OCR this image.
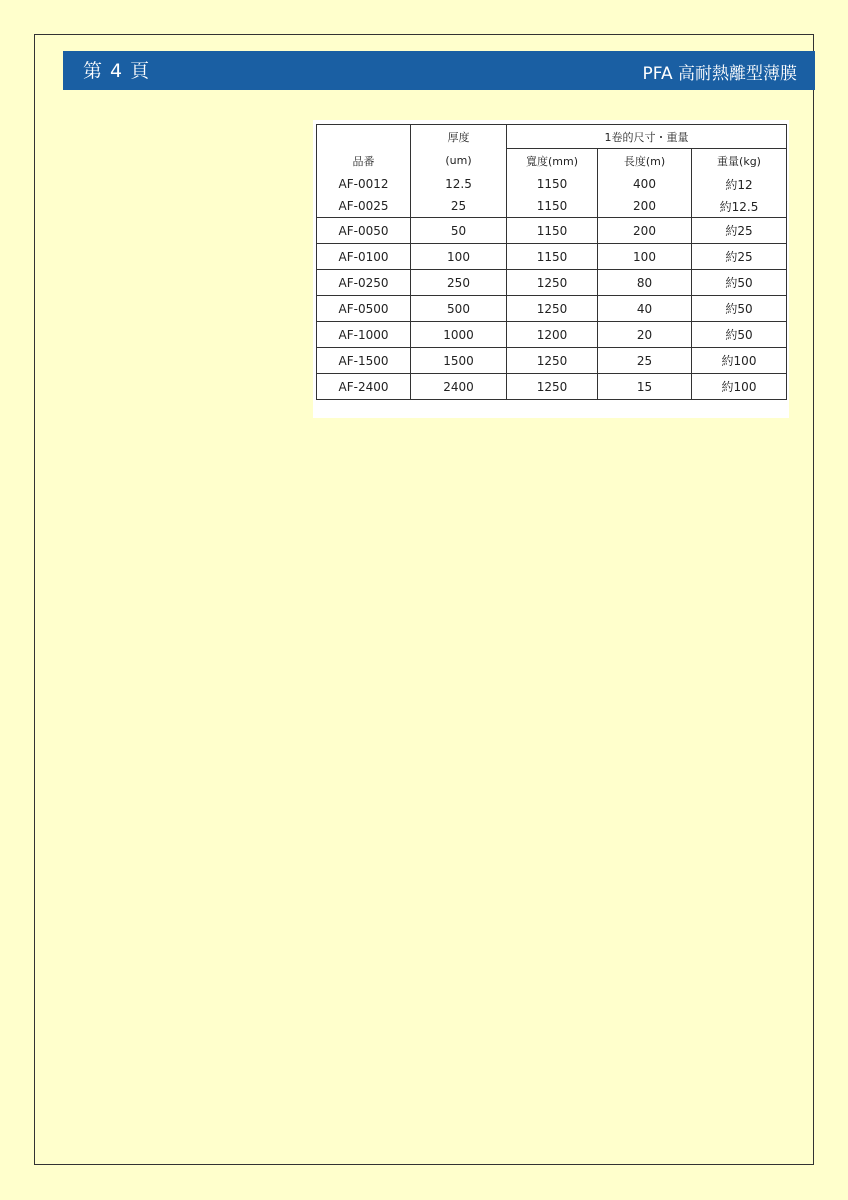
第 4 頁	PFA 高耐熱離型薄膜
	厚度	1卷的尺寸・重量		
品番	(um)	寬度(mm)	長度(m)	重量(kg)
AF-0012	12.5	1150	400	約12
AF-0025	25	1150	200	約12.5
AF-0050	50	1150	200	約25
AF-0100	100	1150	100	約25
AF-0250	250	1250	80	約50
AF-0500	500	1250	40	約50
AF-1000	1000	1200	20	約50
AF-1500	1500	1250	25	約100
AF-2400	2400	1250	15	約100
